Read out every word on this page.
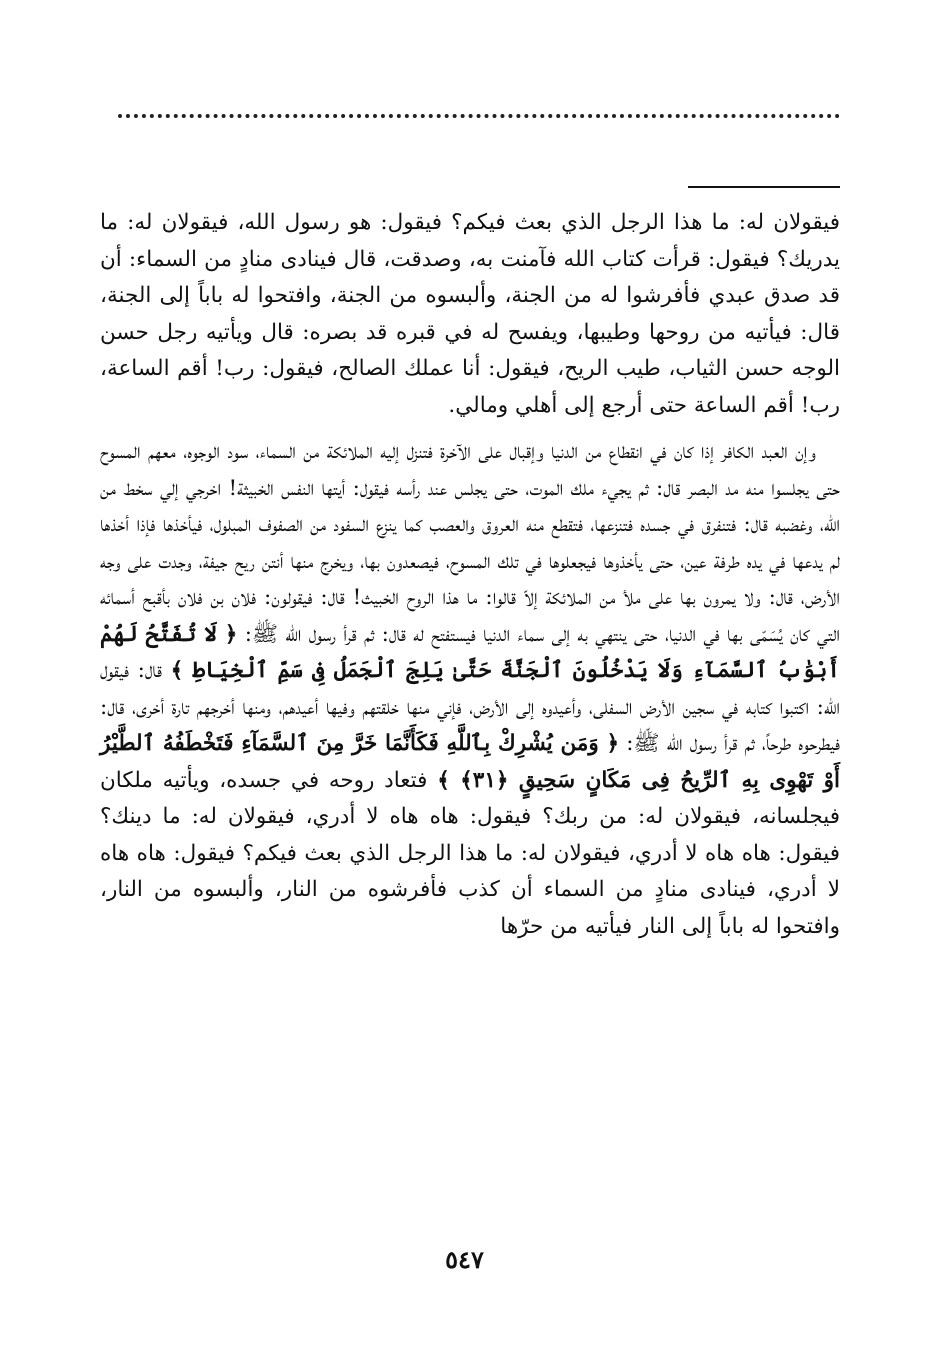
فيقولان له: ما هذا الرجل الذي بعث فيكم؟ فيقول: هو رسول الله، فيقولان له: ما يدريك؟ فيقول: قرأت كتاب الله فآمنت به، وصدقت، قال فينادى منادٍ من السماء: أن قد صدق عبدي فأفرشوا له من الجنة، وألبسوه من الجنة، وافتحوا له باباً إلى الجنة، قال: فيأتيه من روحها وطيبها، ويفسح له في قبره قد بصره: قال ويأتيه رجل حسن الوجه حسن الثياب، طيب الريح، فيقول: أنا عملك الصالح، فيقول: رب! أقم الساعة، رب! أقم الساعة حتى أرجع إلى أهلي ومالي.

وإن العبد الكافر إذا كان في انقطاع من الدنيا وإقبال على الآخرة فتنزل إليه الملائكة من السماء، سود الوجوه، معهم المسوح حتى يجلسوا منه مد البصر قال: ثم يجيء ملك الموت، حتى يجلس عند رأسه فيقول: أيتها النفس الخبيثة! اخرجي إلي سخط من الله، وغضبه قال: فتنفرق في جسده فتنزعها، فتقطع منه العروق والعصب كما ينزع السفود من الصفوف المبلول، فيأخذها فإذا أخذها لم يدعها في يده طرفة عين، حتى يأخذوها فيجعلوها في تلك المسوح، فيصعدون بها، ويخرج منها أنتن ريح جيفة، وجدت على وجه الأرض، قال: ولا يمرون بها على ملأ من الملائكة إلاّ قالوا: ما هذا الروح الخبيث! قال: فيقولون: فلان بن فلان بأقبح أسمائه التي كان يُسَمّى بها في الدنيا، حتى ينتهي به إلى سماء الدنيا فيستفتح له قال: ثم قرأ رسول الله ﷺ: ﴿ لَا تُفَتَّحُ لَهُمْ أَبْوَٰبُ ٱلسَّمَآءِ وَلَا يَدْخُلُونَ ٱلْجَنَّةَ حَتَّىٰ يَلِجَ ٱلْجَمَلُ فِى سَمِّ ٱلْخِيَاطِ ﴾ قال: فيقول الله: اكتبوا كتابه في سجين الأرض السفلى، وأعيدوه إلى الأرض، فإني منها خلقتهم وفيها أعيدهم، ومنها أخرجهم تارة أخرى، قال: فيطرحوه طرحاً، ثم قرأ رسول الله ﷺ: ﴿ وَمَن يُشْرِكْ بِٱللَّهِ فَكَأَنَّمَا خَرَّ مِنَ ٱلسَّمَآءِ فَتَخْطَفُهُ ٱلطَّيْرُ أَوْ تَهْوِى بِهِ ٱلرِّيحُ فِى مَكَانٍ سَحِيقٍ ﴿٣١﴾ ﴾ فتعاد روحه في جسده، ويأتيه ملكان فيجلسانه، فيقولان له: من ربك؟ فيقول: هاه هاه لا أدري، فيقولان له: ما دينك؟ فيقول: هاه هاه لا أدري، فيقولان له: ما هذا الرجل الذي بعث فيكم؟ فيقول: هاه هاه لا أدري، فينادى منادٍ من السماء أن كذب فأفرشوه من النار، وألبسوه من النار، وافتحوا له باباً إلى النار فيأتيه من حرّها

٥٤٧
